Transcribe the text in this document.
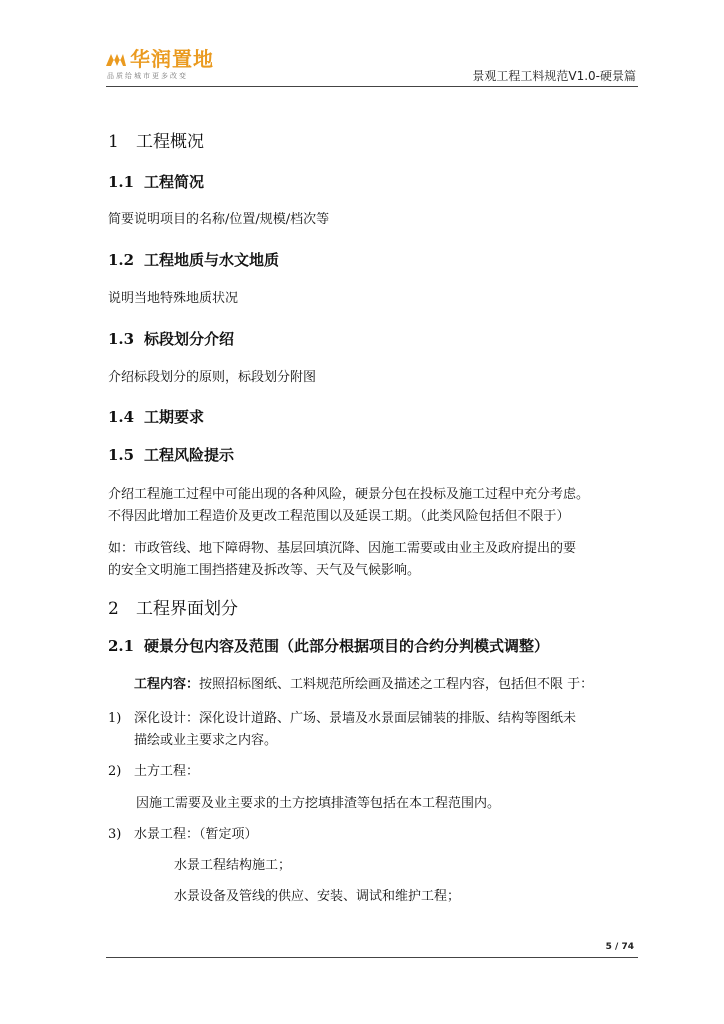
华润置地
品质给城市更多改变	景观工程工料规范V1.0-硬景篇
1 工程概况
1.1 工程简况
简要说明项目的名称/位置/规模/档次等
1.2 工程地质与水文地质
说明当地特殊地质状况
1.3 标段划分介绍
介绍标段划分的原则，标段划分附图
1.4 工期要求
1.5 工程风险提示
介绍工程施工过程中可能出现的各种风险，硬景分包在投标及施工过程中充分考虑。
不得因此增加工程造价及更改工程范围以及延误工期。（此类风险包括但不限于）
如：市政管线、地下障碍物、基层回填沉降、因施工需要或由业主及政府提出的要
的安全文明施工围挡搭建及拆改等、天气及气候影响。
2 工程界面划分
2.1 硬景分包内容及范围（此部分根据项目的合约分判模式调整）
工程内容：按照招标图纸、工料规范所绘画及描述之工程内容，包括但不限 于：
1) 深化设计：深化设计道路、广场、景墙及水景面层铺装的排版、结构等图纸未
描绘或业主要求之内容。
2) 土方工程：
因施工需要及业主要求的土方挖填排渣等包括在本工程范围内。
3) 水景工程：（暂定项）
水景工程结构施工；
水景设备及管线的供应、安装、调试和维护工程；
5 / 74
